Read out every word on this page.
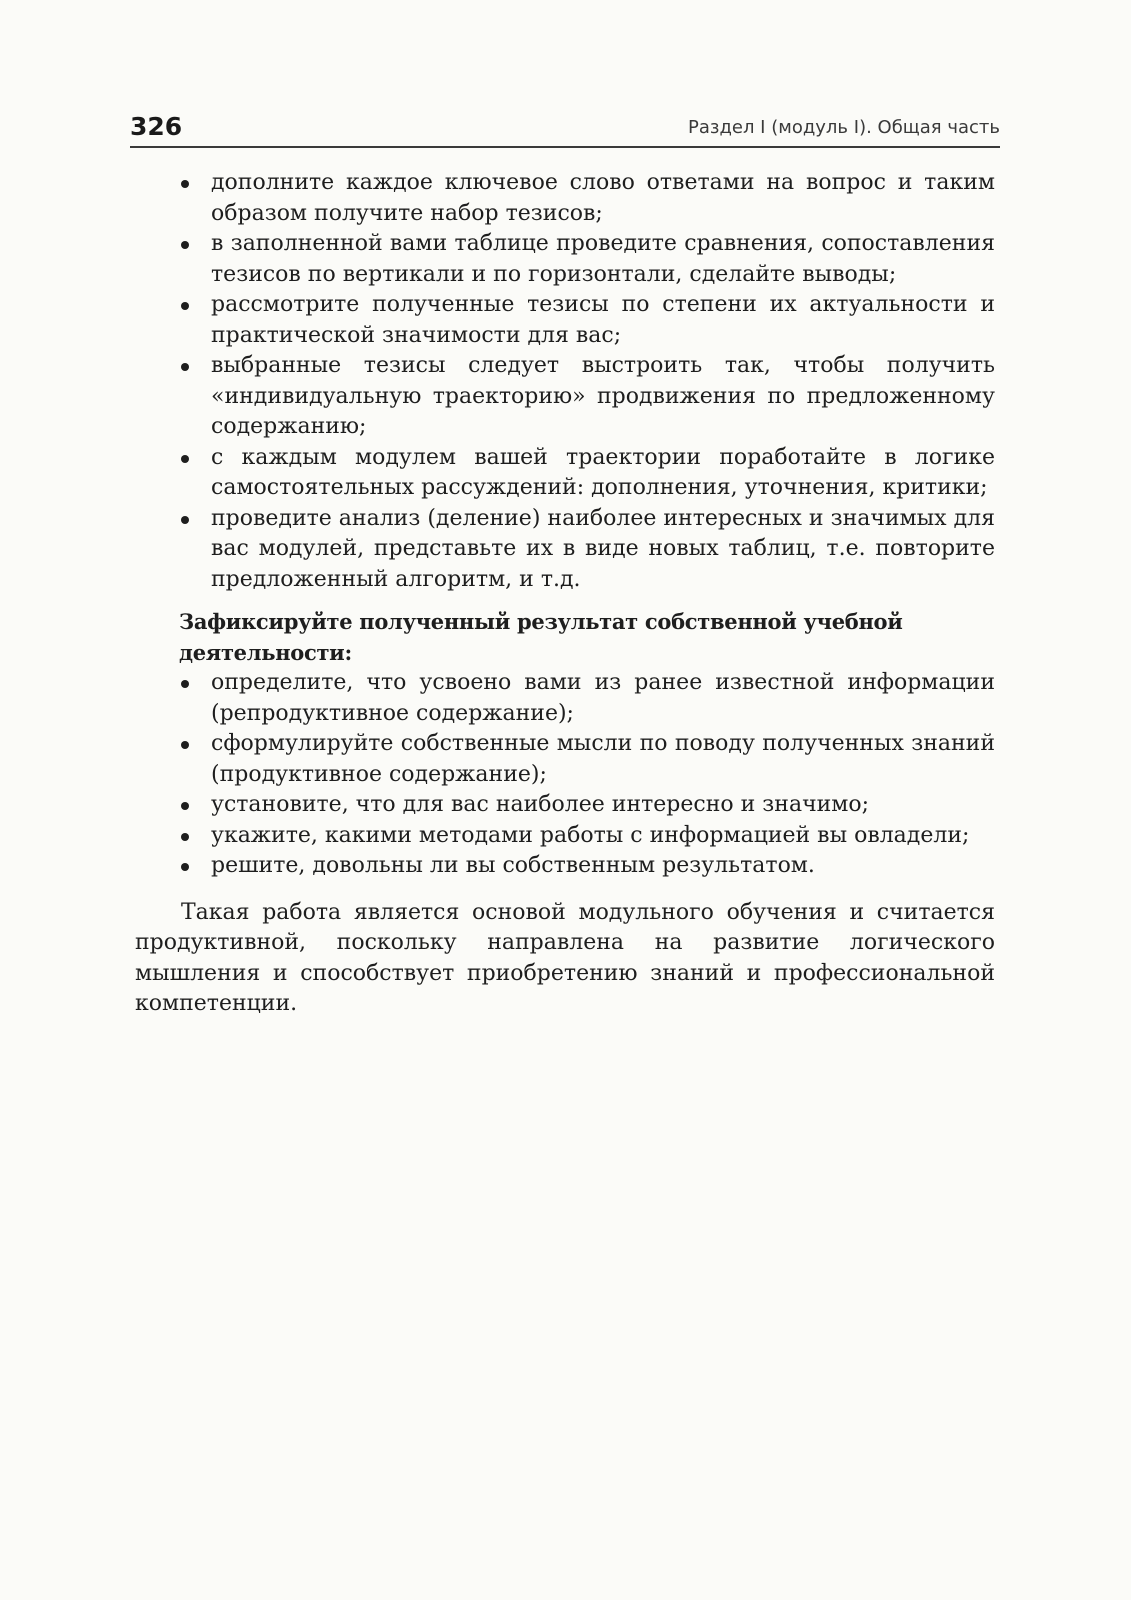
326	Раздел I (модуль I). Общая часть
дополните каждое ключевое слово ответами на вопрос и таким образом получите набор тезисов;
в заполненной вами таблице проведите сравнения, сопоставления тезисов по вертикали и по горизонтали, сделайте выводы;
рассмотрите полученные тезисы по степени их актуальности и практической значимости для вас;
выбранные тезисы следует выстроить так, чтобы получить «индивидуальную траекторию» продвижения по предложенному содержанию;
с каждым модулем вашей траектории поработайте в логике самостоятельных рассуждений: дополнения, уточнения, критики;
проведите анализ (деление) наиболее интересных и значимых для вас модулей, представьте их в виде новых таблиц, т.е. повторите предложенный алгоритм, и т.д.
Зафиксируйте полученный результат собственной учебной деятельности:
определите, что усвоено вами из ранее известной информации (репродуктивное содержание);
сформулируйте собственные мысли по поводу полученных знаний (продуктивное содержание);
установите, что для вас наиболее интересно и значимо;
укажите, какими методами работы с информацией вы овладели;
решите, довольны ли вы собственным результатом.

Такая работа является основой модульного обучения и считается продуктивной, поскольку направлена на развитие логического мышления и способствует приобретению знаний и профессиональной компетенции.
